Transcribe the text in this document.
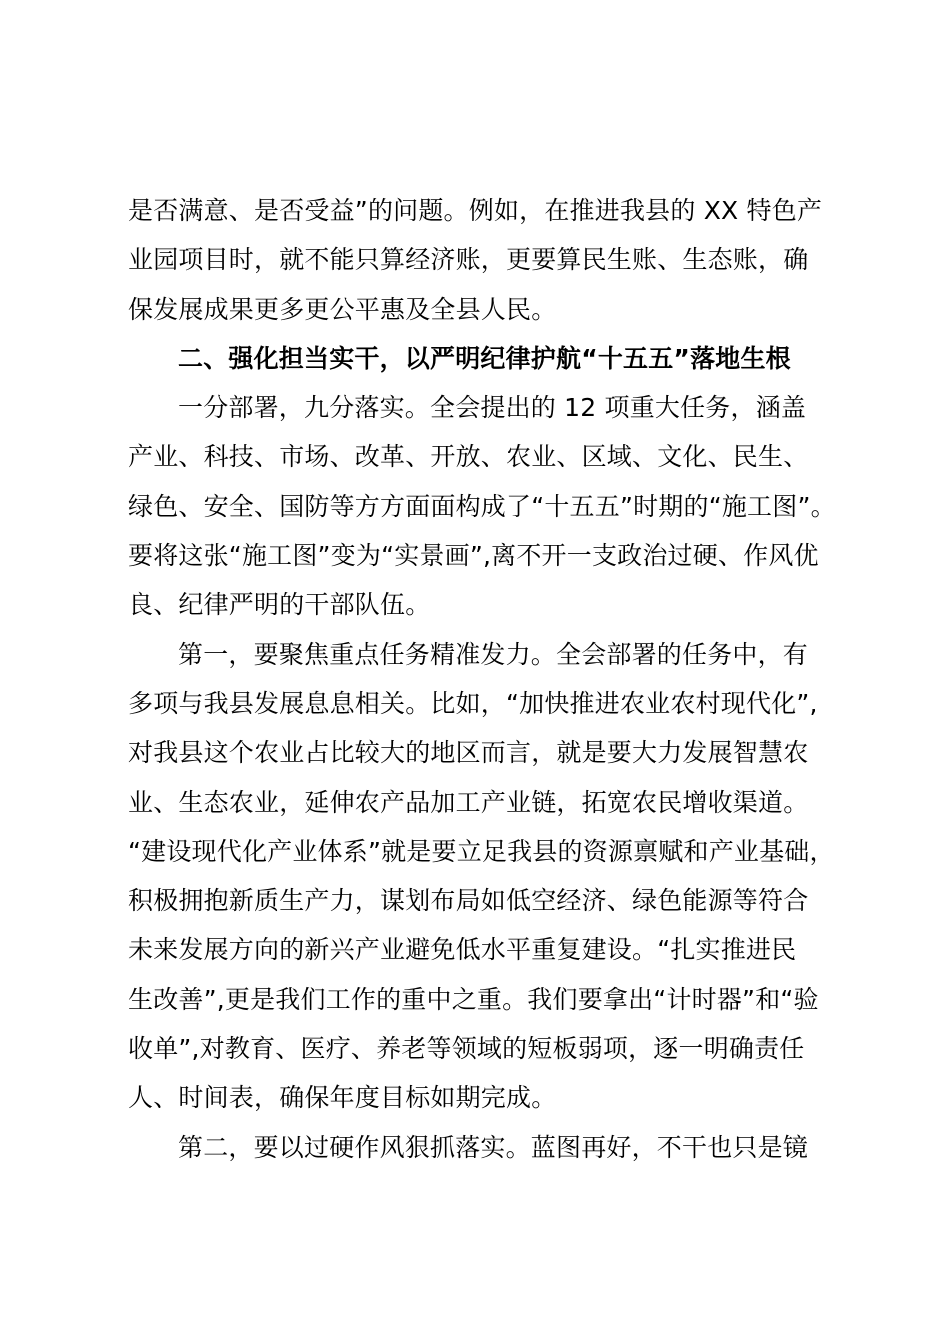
是否满意、是否受益”的问题。例如，在推进我县的 XX 特色产
业园项目时，就不能只算经济账，更要算民生账、生态账，确
保发展成果更多更公平惠及全县人民。
二、强化担当实干，以严明纪律护航“十五五”落地生根
一分部署，九分落实。全会提出的 12 项重大任务，涵盖
产业、科技、市场、改革、开放、农业、区域、文化、民生、
绿色、安全、国防等方方面面构成了“十五五”时期的“施工图”。
要将这张“施工图”变为“实景画”,离不开一支政治过硬、作风优
良、纪律严明的干部队伍。
第一，要聚焦重点任务精准发力。全会部署的任务中，有
多项与我县发展息息相关。比如，“加快推进农业农村现代化”,
对我县这个农业占比较大的地区而言，就是要大力发展智慧农
业、生态农业，延伸农产品加工产业链，拓宽农民增收渠道。
“建设现代化产业体系”就是要立足我县的资源禀赋和产业基础，
积极拥抱新质生产力，谋划布局如低空经济、绿色能源等符合
未来发展方向的新兴产业避免低水平重复建设。“扎实推进民
生改善”,更是我们工作的重中之重。我们要拿出“计时器”和“验
收单”,对教育、医疗、养老等领域的短板弱项，逐一明确责任
人、时间表，确保年度目标如期完成。
第二，要以过硬作风狠抓落实。蓝图再好，不干也只是镜
